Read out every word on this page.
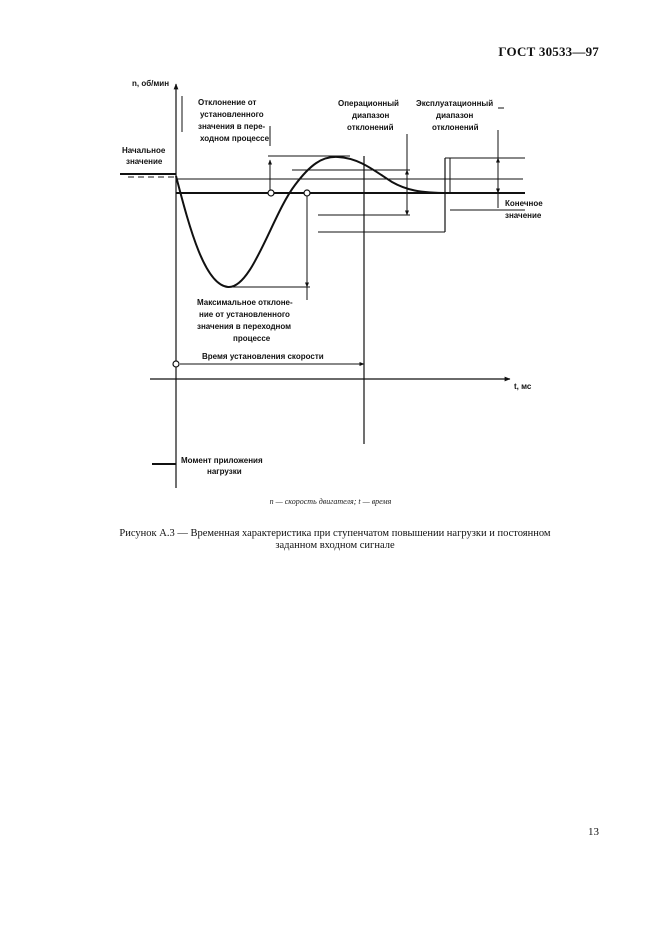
ГОСТ 30533—97
n, об/мин
t, мс
Начальное
значение
Отклонение от
установленного
значения в пере-
ходном процессе
Операционный
диапазон
отклонений
Эксплуатационный
диапазон
отклонений
Конечное
значение
Максимальное отклоне-
ние от установленного
значения в переходном
процессе
Время установления скорости
Момент приложения
нагрузки
n — скорость двигателя; t — время
Рисунок А.3 — Временная характеристика при ступенчатом повышении нагрузки и постоянном
заданном входном сигнале
13
